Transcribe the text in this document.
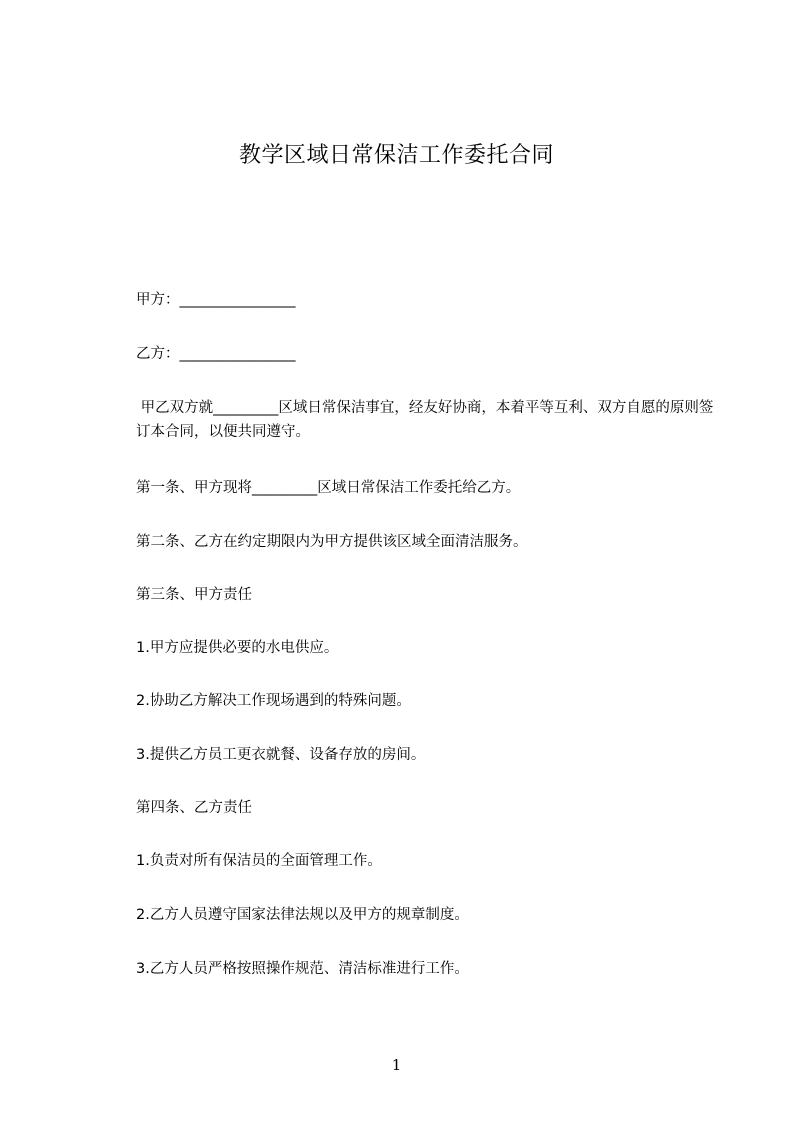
教学区域日常保洁工作委托合同

甲方：________________

乙方：________________

甲乙双方就_________区域日常保洁事宜，经友好协商，本着平等互利、双方自愿的原则签订本合同，以便共同遵守。

第一条、甲方现将_________区域日常保洁工作委托给乙方。

第二条、乙方在约定期限内为甲方提供该区域全面清洁服务。

第三条、甲方责任

1.甲方应提供必要的水电供应。

2.协助乙方解决工作现场遇到的特殊问题。

3.提供乙方员工更衣就餐、设备存放的房间。

第四条、乙方责任

1.负责对所有保洁员的全面管理工作。

2.乙方人员遵守国家法律法规以及甲方的规章制度。

3.乙方人员严格按照操作规范、清洁标准进行工作。

1
